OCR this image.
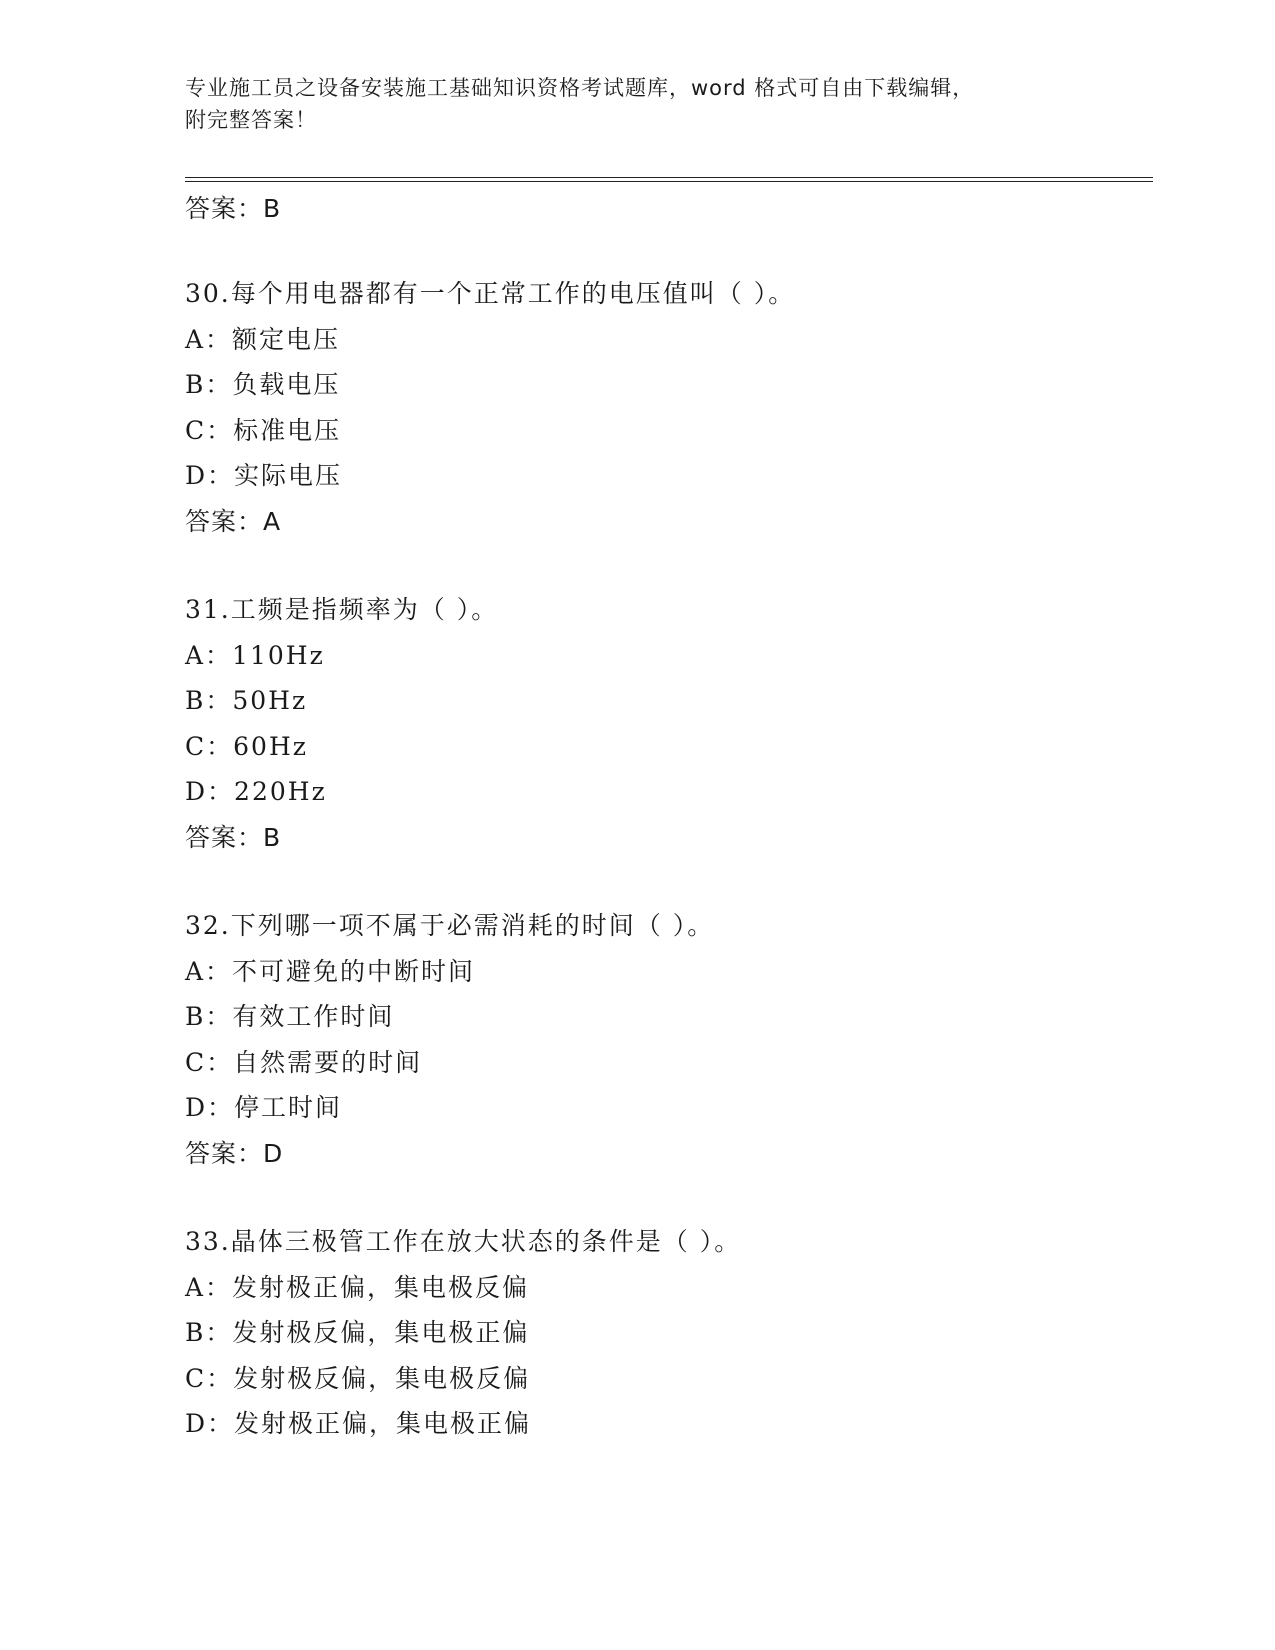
专业施工员之设备安装施工基础知识资格考试题库，word 格式可自由下载编辑，
附完整答案！
答案：B
30.每个用电器都有一个正常工作的电压值叫（ ）。
A：额定电压
B：负载电压
C：标准电压
D：实际电压
答案：A
31.工频是指频率为（ ）。
A：110Hz
B：50Hz
C：60Hz
D：220Hz
答案：B
32.下列哪一项不属于必需消耗的时间（ ）。
A：不可避免的中断时间
B：有效工作时间
C：自然需要的时间
D：停工时间
答案：D
33.晶体三极管工作在放大状态的条件是（ ）。
A：发射极正偏，集电极反偏
B：发射极反偏，集电极正偏
C：发射极反偏，集电极反偏
D：发射极正偏，集电极正偏
